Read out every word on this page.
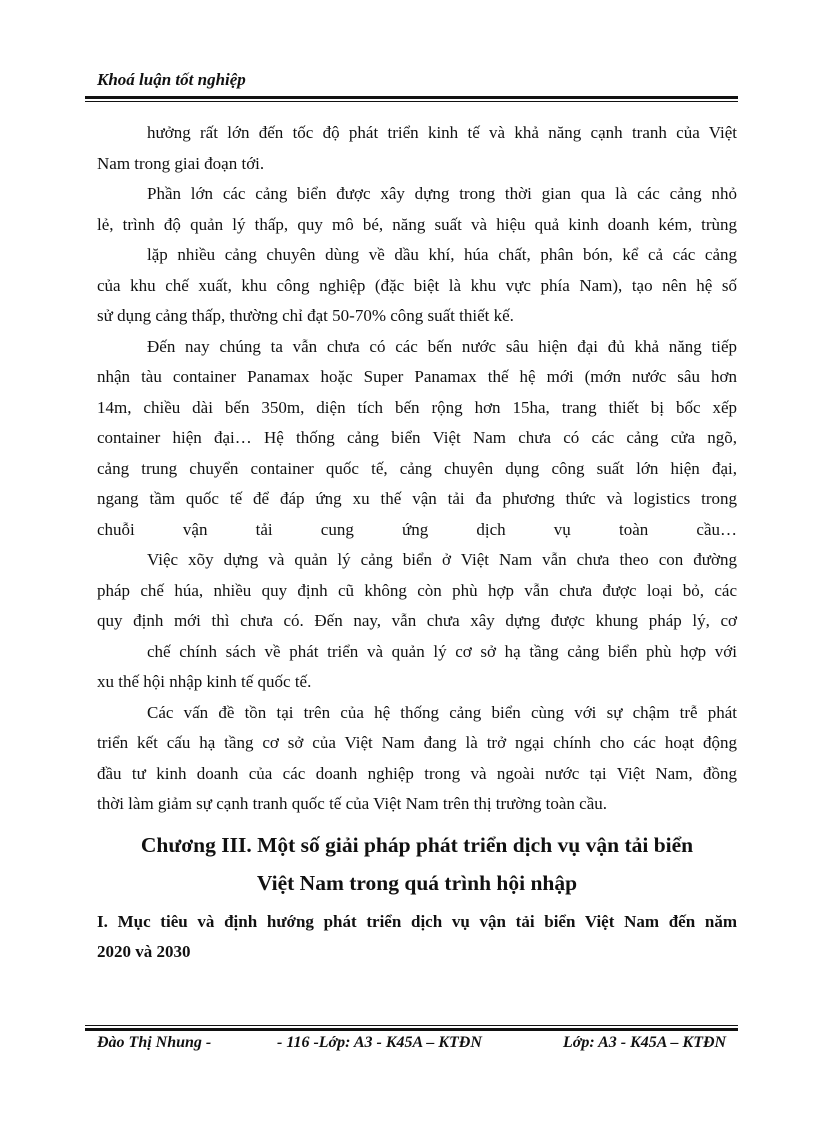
Khoá luận tốt nghiệp
hưởng rất lớn đến tốc độ phát triển kinh tế và khả năng cạnh tranh của Việt
Nam trong giai đoạn tới.
Phần lớn các cảng biển được xây dựng trong thời gian qua là các cảng nhỏ
lẻ, trình độ quản lý thấp, quy mô bé, năng suất và hiệu quả kinh doanh kém, trùng
lặp nhiều cảng chuyên dùng về dầu khí, húa chất, phân bón, kể cả các cảng
của khu chế xuất, khu công nghiệp (đặc biệt là khu vực phía Nam), tạo nên hệ số
sử dụng cảng thấp, thường chỉ đạt 50-70% công suất thiết kế.
Đến nay chúng ta vẫn chưa có các bến nước sâu hiện đại đủ khả năng tiếp
nhận tàu container Panamax hoặc Super Panamax thế hệ mới (mớn nước sâu hơn
14m, chiều dài bến 350m, diện tích bến rộng hơn 15ha, trang thiết bị bốc xếp
container hiện đại… Hệ thống cảng biển Việt Nam chưa có các cảng cửa ngõ,
cảng trung chuyển container quốc tế, cảng chuyên dụng công suất lớn hiện đại,
ngang tầm quốc tế để đáp ứng xu thế vận tải đa phương thức và logistics trong
chuỗi vận tải cung ứng dịch vụ toàn cầu…
Việc xõy dựng và quản lý cảng biển ở Việt Nam vẫn chưa theo con đường
pháp chế húa, nhiều quy định cũ không còn phù hợp vẫn chưa được loại bỏ, các
quy định mới thì chưa có. Đến nay, vẫn chưa xây dựng được khung pháp lý, cơ
chế chính sách về phát triển và quản lý cơ sở hạ tầng cảng biển phù hợp với
xu thế hội nhập kinh tế quốc tế.
Các vấn đề tồn tại trên của hệ thống cảng biển cùng với sự chậm trễ phát
triển kết cấu hạ tầng cơ sở của Việt Nam đang là trở ngại chính cho các hoạt động
đầu tư kinh doanh của các doanh nghiệp trong và ngoài nước tại Việt Nam, đồng
thời làm giảm sự cạnh tranh quốc tế của Việt Nam trên thị trường toàn cầu.
Chương III. Một số giải pháp phát triển dịch vụ vận tải biển
Việt Nam trong quá trình hội nhập
I. Mục tiêu và định hướng phát triển dịch vụ vận tải biển Việt Nam đến năm
2020 và 2030
Đào Thị Nhung -	- 116 -Lớp: A3 - K45A – KTĐN	Lớp: A3 - K45A – KTĐN
